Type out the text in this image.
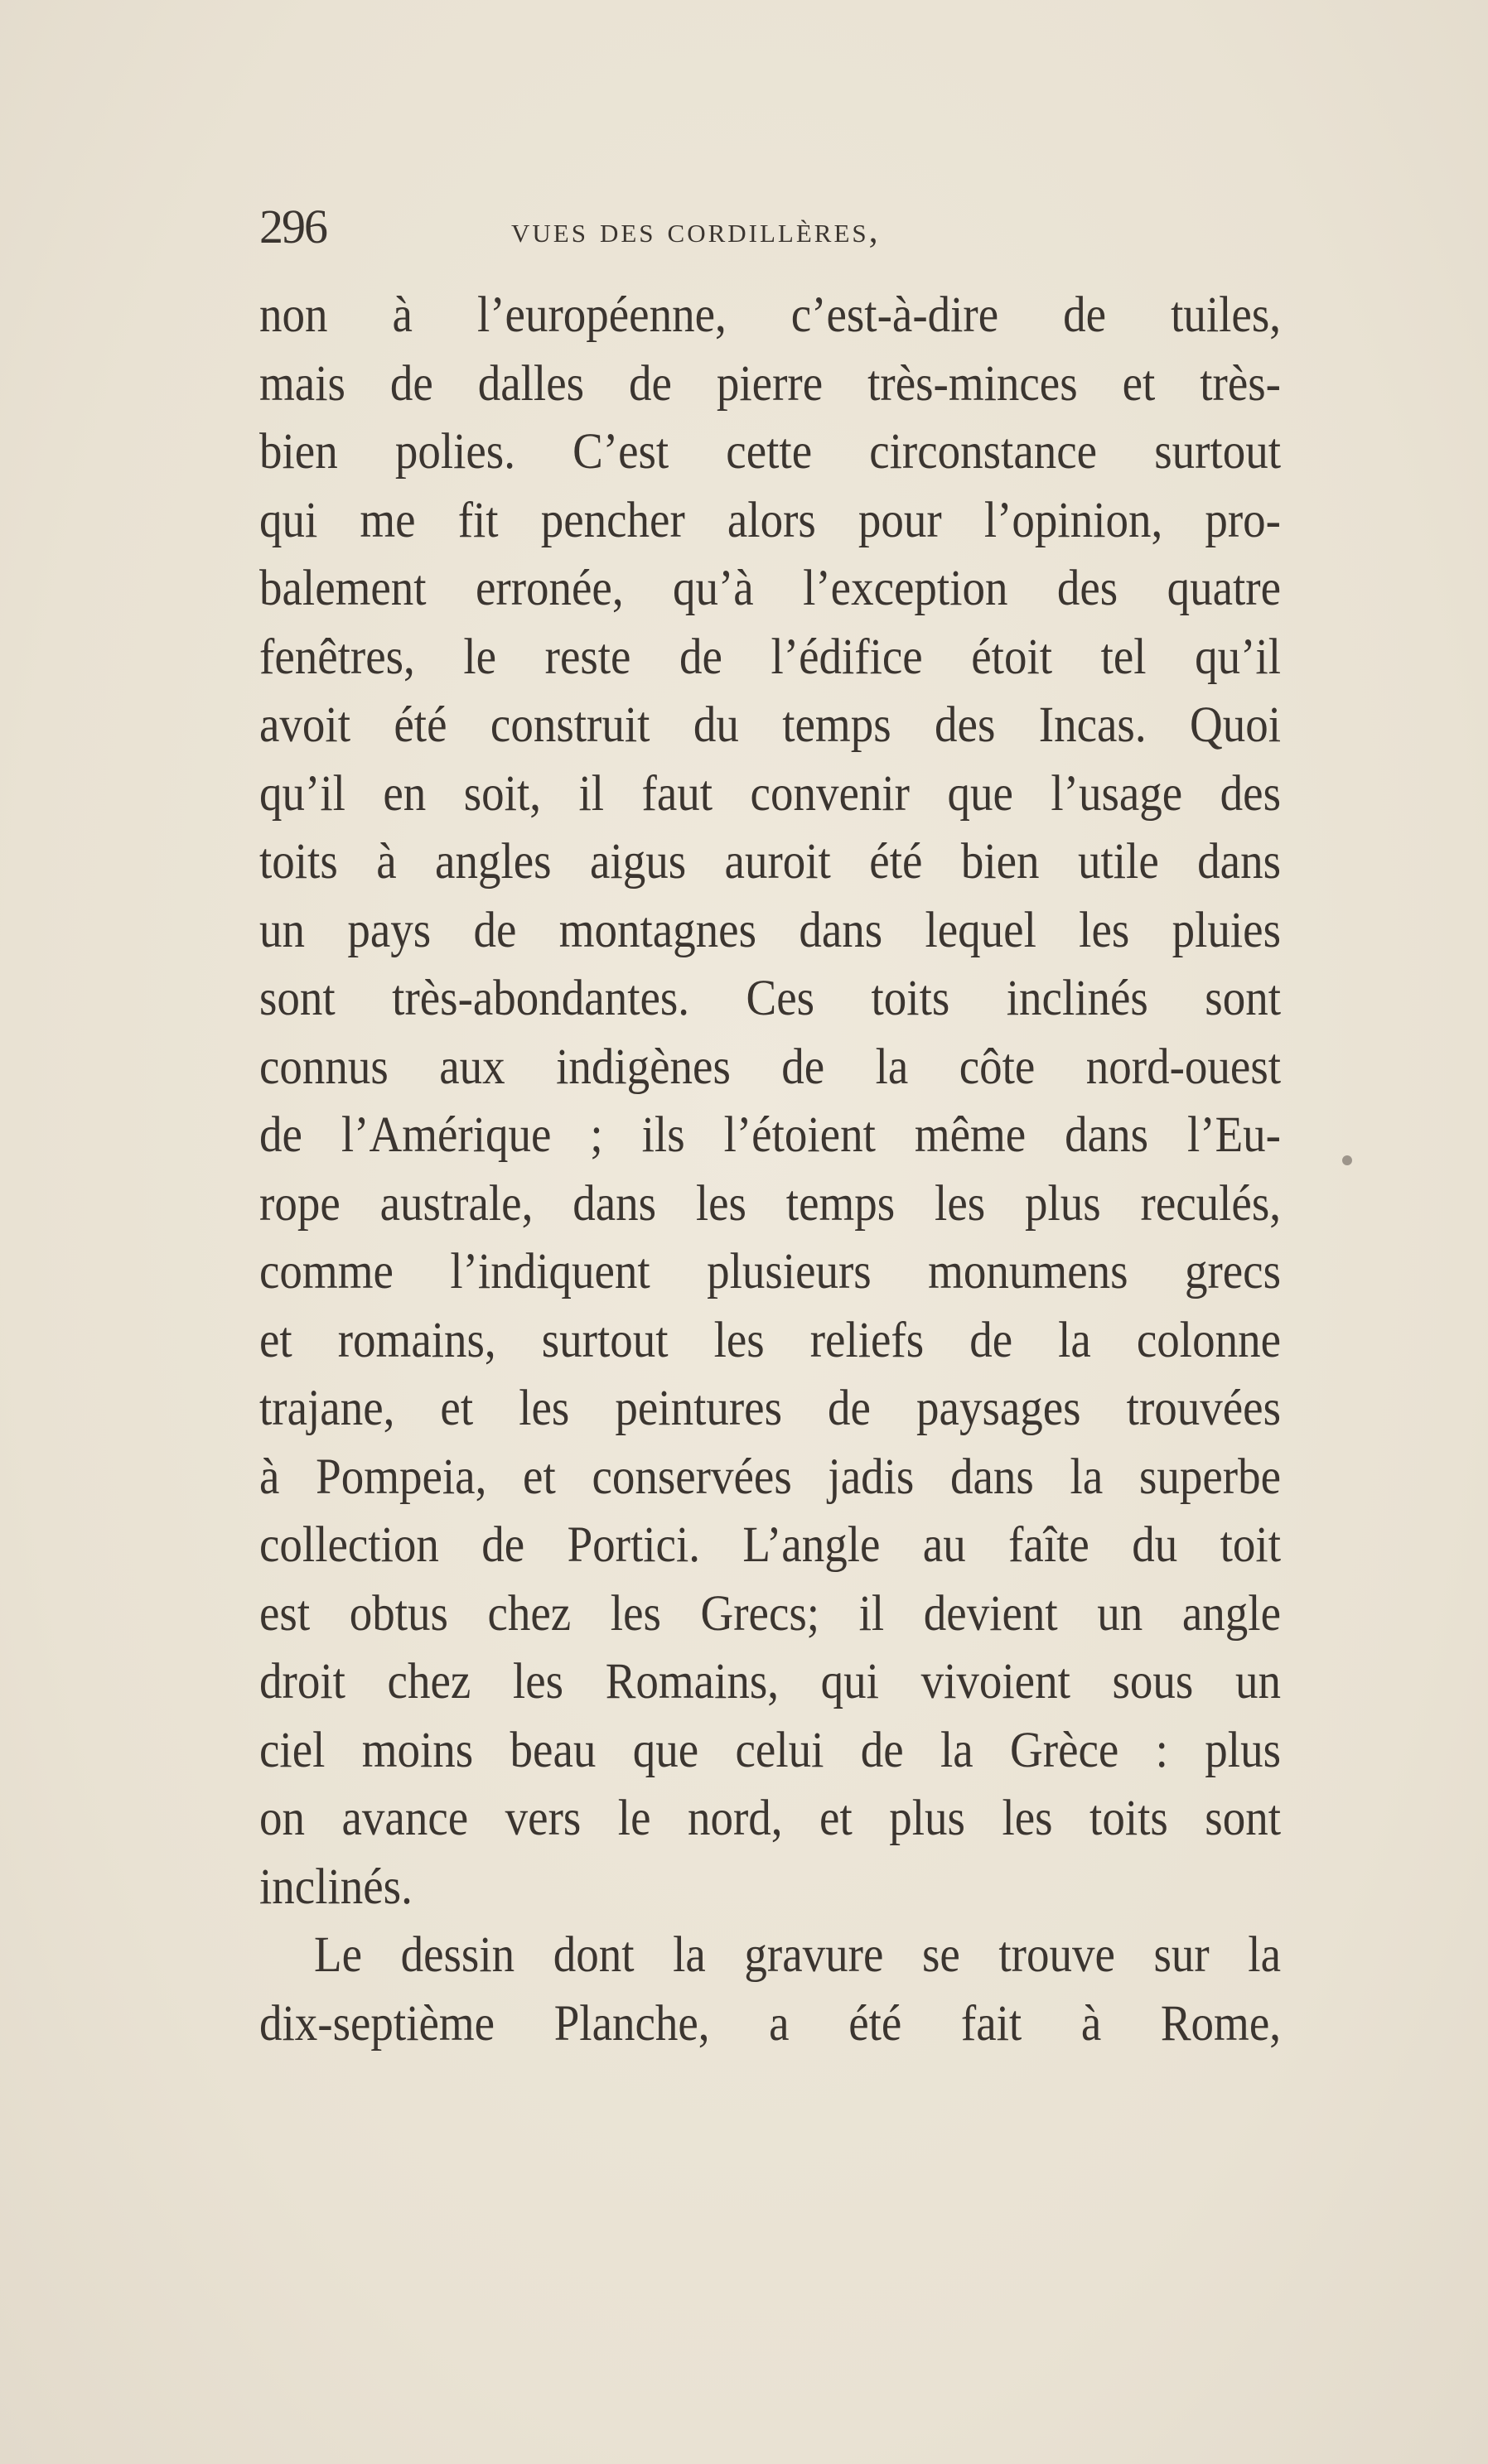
296	vues des cordillères,
non à l’européenne, c’est-à-dire de tuiles,
mais de dalles de pierre très-minces et très-
bien polies. C’est cette circonstance surtout
qui me fit pencher alors pour l’opinion, pro-
balement erronée, qu’à l’exception des quatre
fenêtres, le reste de l’édifice étoit tel qu’il
avoit été construit du temps des Incas. Quoi
qu’il en soit, il faut convenir que l’usage des
toits à angles aigus auroit été bien utile dans
un pays de montagnes dans lequel les pluies
sont très-abondantes. Ces toits inclinés sont
connus aux indigènes de la côte nord-ouest
de l’Amérique ; ils l’étoient même dans l’Eu-
rope australe, dans les temps les plus reculés,
comme l’indiquent plusieurs monumens grecs
et romains, surtout les reliefs de la colonne
trajane, et les peintures de paysages trouvées
à Pompeia, et conservées jadis dans la superbe
collection de Portici. L’angle au faîte du toit
est obtus chez les Grecs; il devient un angle
droit chez les Romains, qui vivoient sous un
ciel moins beau que celui de la Grèce : plus
on avance vers le nord, et plus les toits sont
inclinés.
Le dessin dont la gravure se trouve sur la
dix-septième Planche, a été fait à Rome,
